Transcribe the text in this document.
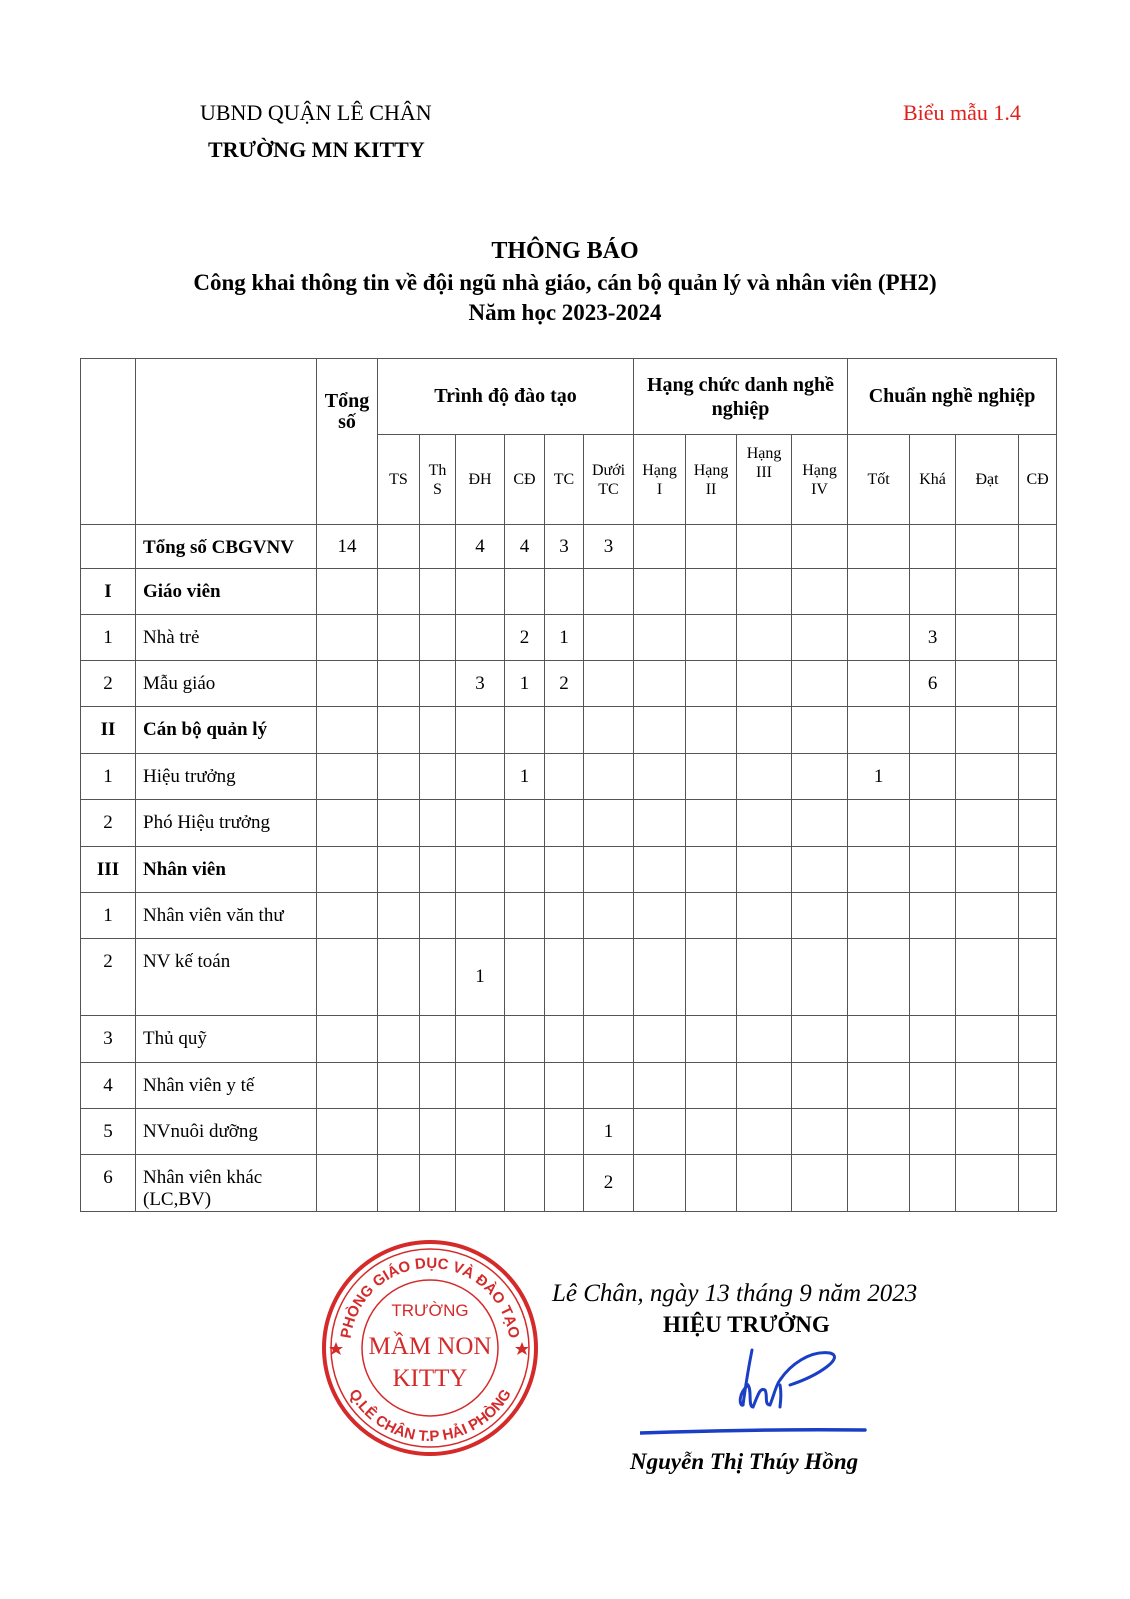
UBND QUẬN LÊ CHÂN
TRƯỜNG MN KITTY
Biểu mẫu 1.4
THÔNG BÁO
Công khai thông tin về đội ngũ nhà giáo, cán bộ quản lý và nhân viên (PH2)
Năm học 2023-2024
		Tổng số	Trình độ đào tạo						Hạng chức danh nghề nghiệp				Chuẩn nghề nghiệp			
			TS	Th S	ĐH	CĐ	TC	Dưới TC	Hạng I	Hạng II	Hạng III	Hạng IV	Tốt	Khá	Đạt	CĐ
	Tổng số CBGVNV	14			4	4	3	3								
I	Giáo viên															
1	Nhà trẻ					2	1							3		
2	Mẫu giáo				3	1	2							6		
II	Cán bộ quản lý															
1	Hiệu trưởng					1							1			
2	Phó Hiệu trưởng															
III	Nhân viên															
1	Nhân viên văn thư															
2	NV kế toán				1											
3	Thủ quỹ															
4	Nhân viên y tế															
5	NVnuôi dưỡng							1								
6	Nhân viên khác (LC,BV)							2								
PHÒNG GIÁO DỤC VÀ ĐÀO TẠO
Q.LÊ CHÂN T.P HẢI PHÒNG
TRƯỜNG
MẦM NON
KITTY
Lê Chân, ngày 13 tháng 9 năm 2023
HIỆU TRƯỞNG
Nguyễn Thị Thúy Hồng
